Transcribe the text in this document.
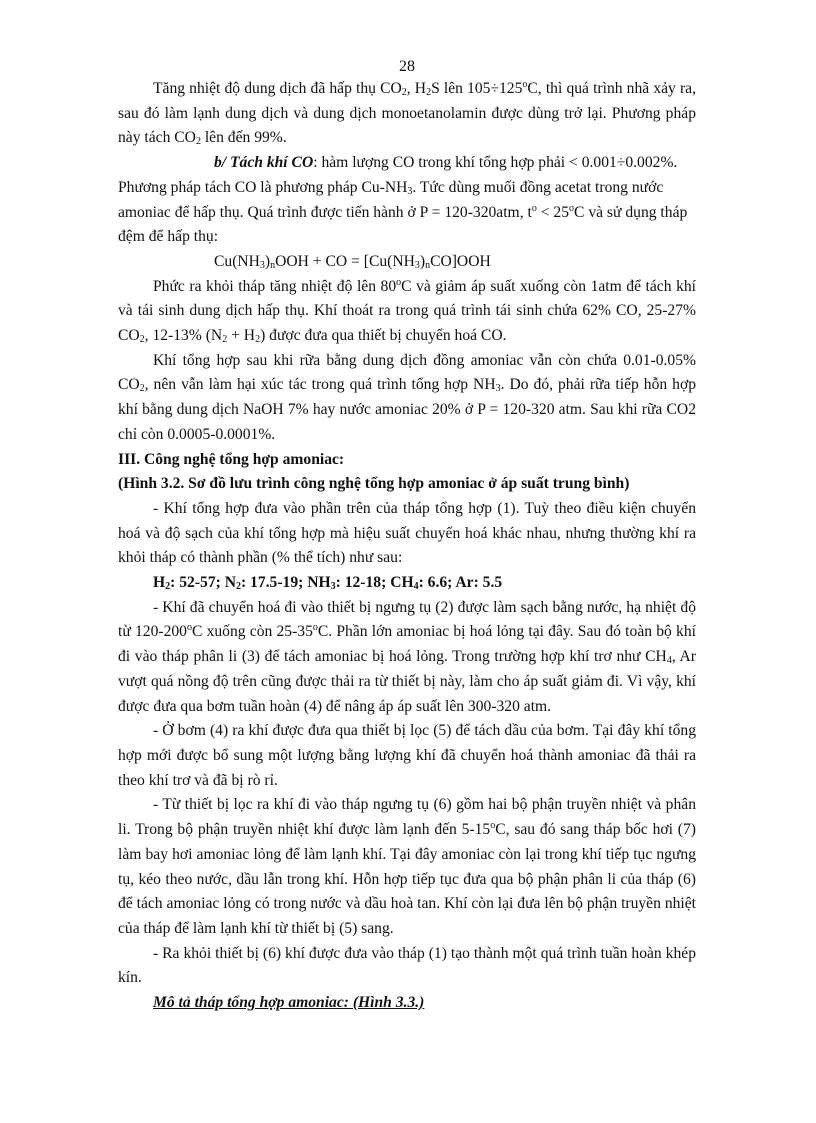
28

Tăng nhiệt độ dung dịch đã hấp thụ $CO_2$, $H_2S$ lên $105\div 125^oC$, thì quá trình nhã xảy ra, sau đó làm lạnh dung dịch và dung dịch monoetanolamin được dùng trở lại. Phương pháp này tách $CO_2$ lên đến 99%.

b/ Tách khí CO: hàm lượng CO trong khí tổng hợp phải < 0.001÷0.002%. Phương pháp tách CO là phương pháp $Cu-NH_3$. Tức dùng muối đồng acetat trong nước amoniac để hấp thụ. Quá trình được tiến hành ở P = 120-320atm, $t^o < 25^oC$ và sử dụng tháp đệm để hấp thụ:

$Cu(NH_3)_nOOH$ + CO = $[Cu(NH_3)_nCO]OOH$

Phức ra khỏi tháp tăng nhiệt độ lên 80$^o$C và giảm áp suất xuống còn 1atm để tách khí và tái sinh dung dịch hấp thụ. Khí thoát ra trong quá trình tái sinh chứa 62% CO, 25-27% $CO_2$, 12-13% $(N_2 + H_2)$ được đưa qua thiết bị chuyển hoá CO.

Khí tổng hợp sau khi rữa bằng dung dịch đồng amoniac vẫn còn chứa 0.01-0.05% $CO_2$, nên vẫn làm hại xúc tác trong quá trình tổng hợp $NH_3$. Do đó, phải rữa tiếp hỗn hợp khí bằng dung dịch NaOH 7% hay nước amoniac 20% ở P = 120-320 atm. Sau khi rữa CO2 chỉ còn 0.0005-0.0001%.

III. Công nghệ tổng hợp amoniac:

(Hình 3.2. Sơ đồ lưu trình công nghệ tổng hợp amoniac ở áp suất trung bình)

- Khí tổng hợp đưa vào phần trên của tháp tổng hợp (1). Tuỳ theo điều kiện chuyển hoá và độ sạch của khí tổng hợp mà hiệu suất chuyển hoá khác nhau, nhưng thường khí ra khỏi tháp có thành phần (% thể tích) như sau:

$H_2$: 52-57; $N_2$: 17.5-19; $NH_3$: 12-18; $CH_4$: 6.6; Ar: 5.5

- Khí đã chuyển hoá đi vào thiết bị ngưng tụ (2) được làm sạch bằng nước, hạ nhiệt độ từ 120-200$^o$C xuống còn 25-35$^o$C. Phần lớn amoniac bị hoá lỏng tại đây. Sau đó toàn bộ khí đi vào tháp phân li (3) để tách amoniac bị hoá lỏng. Trong trường hợp khí trơ như $CH_4$, Ar vượt quá nồng độ trên cũng được thải ra từ thiết bị này, làm cho áp suất giảm đi. Vì vậy, khí được đưa qua bơm tuần hoàn (4) để nâng áp áp suất lên 300-320 atm.

- Ở bơm (4) ra khí được đưa qua thiết bị lọc (5) để tách dầu của bơm. Tại đây khí tổng hợp mới được bổ sung một lượng bằng lượng khí đã chuyển hoá thành amoniac đã thải ra theo khí trơ và đã bị rò rỉ.

- Từ thiết bị lọc ra khí đi vào tháp ngưng tụ (6) gồm hai bộ phận truyền nhiệt và phân li. Trong bộ phận truyền nhiệt khí được làm lạnh đến 5-15$^o$C, sau đó sang tháp bốc hơi (7) làm bay hơi amoniac lỏng để làm lạnh khí. Tại đây amoniac còn lại trong khí tiếp tục ngưng tụ, kéo theo nước, dầu lẫn trong khí. Hỗn hợp tiếp tục đưa qua bộ phận phân li của tháp (6) để tách amoniac lỏng có trong nước và dầu hoà tan. Khí còn lại đưa lên bộ phận truyền nhiệt của tháp để làm lạnh khí từ thiết bị (5) sang.

- Ra khỏi thiết bị (6) khí được đưa vào tháp (1) tạo thành một quá trình tuần hoàn khép kín.

Mô tả tháp tổng hợp amoniac: (Hình 3.3.)
